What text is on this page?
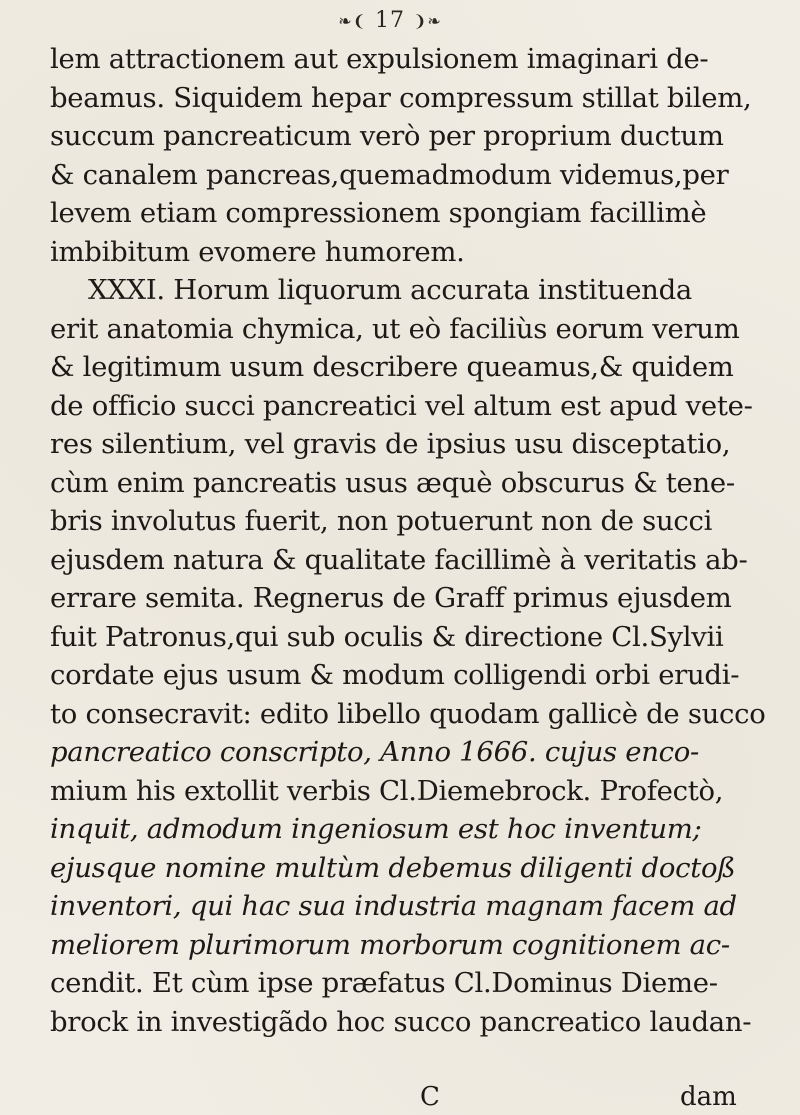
❧❨ 17 ❩❧
lem attractionem aut expulsionem imaginari de-
beamus. Siquidem hepar compressum stillat bilem,
succum pancreaticum verò per proprium ductum
& canalem pancreas,quemadmodum videmus,per
levem etiam compressionem spongiam facillimè
imbibitum evomere humorem.
XXXI. Horum liquorum accurata instituenda
erit anatomia chymica, ut eò faciliùs eorum verum
& legitimum usum describere queamus,& quidem
de officio succi pancreatici vel altum est apud vete-
res silentium, vel gravis de ipsius usu disceptatio,
cùm enim pancreatis usus æquè obscurus & tene-
bris involutus fuerit, non potuerunt non de succi
ejusdem natura & qualitate facillimè à veritatis ab-
errare semita. Regnerus de Graff primus ejusdem
fuit Patronus,qui sub oculis & directione Cl.Sylvii
cordate ejus usum & modum colligendi orbi erudi-
to consecravit: edito libello quodam gallicè de succo
pancreatico conscripto, Anno 1666. cujus enco-
mium his extollit verbis Cl.Diemebrock. Profectò,
inquit, admodum ingeniosum est hoc inventum;
ejusque nomine multùm debemus diligenti doctoß
inventori, qui hac sua industria magnam facem ad
meliorem plurimorum morborum cognitionem ac-
cendit. Et cùm ipse præfatus Cl.Dominus Dieme-
brock in investigãdo hoc succo pancreatico laudan-
C	dam
